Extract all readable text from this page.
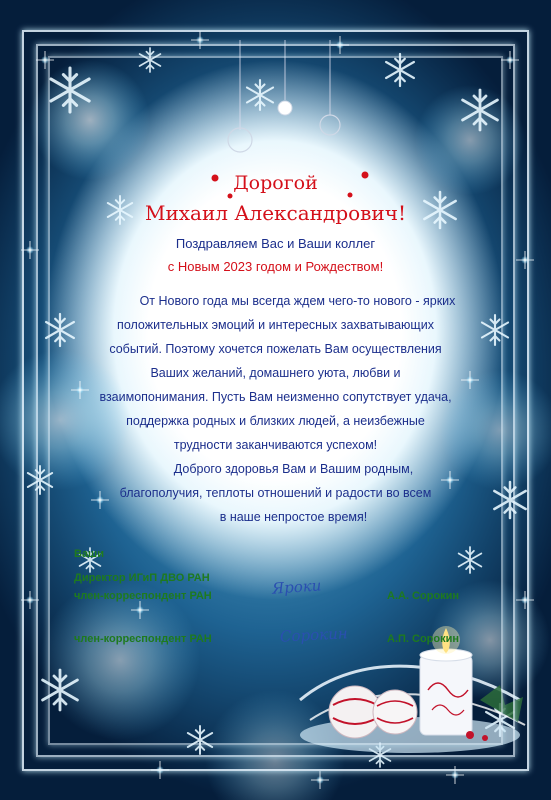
Дорогой
Михаил Александрович!
Поздравляем Вас и Ваши коллег
с Новым 2023 годом и Рождеством!
От Нового года мы всегда ждем чего-то нового - ярких
положительных эмоций и интересных захватывающих
событий. Поэтому хочется пожелать Вам осуществления
Ваших желаний, домашнего уюта, любви и
взаимопонимания. Пусть Вам неизменно сопутствует удача,
поддержка родных и близких людей, а неизбежные
трудности заканчиваются успехом!
Доброго здоровья Вам и Вашим родным,
благополучия, теплоты отношений и радости во всем
в наше непростое время!
Ваши
Директор ИГиП ДВО РАН
член-корреспондент РАН	Яроки	А.А. Сорокин
член-корреспондент РАН	Сорокин	А.П. Сорокин
